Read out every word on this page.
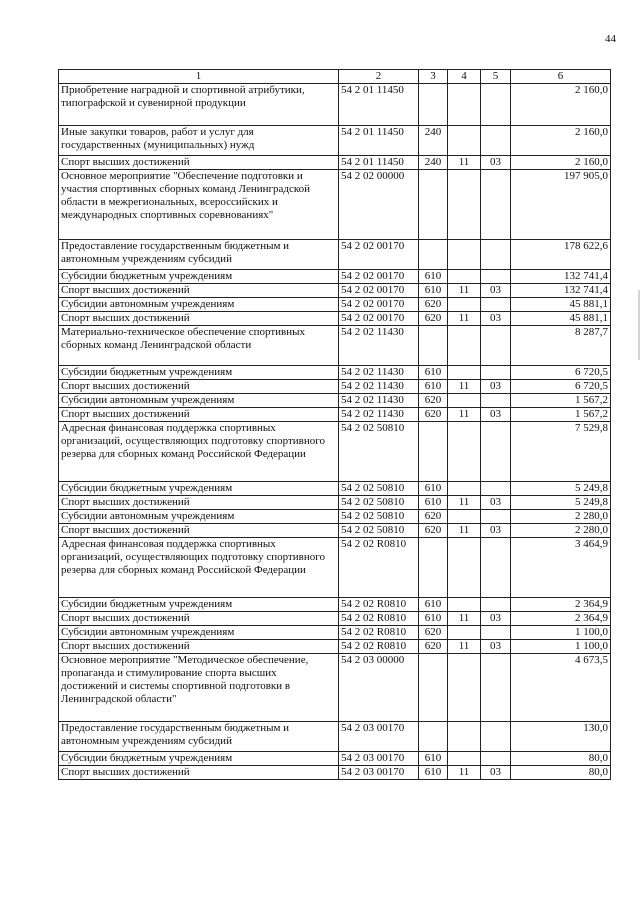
44
1	2	3	4	5	6
Приобретение наградной и спортивной атрибутики, типографской и сувенирной продукции	54 2 01 11450				2 160,0
Иные закупки товаров, работ и услуг для государственных (муниципальных) нужд	54 2 01 11450	240			2 160,0
Спорт высших достижений	54 2 01 11450	240	11	03	2 160,0
Основное мероприятие "Обеспечение подготовки и участия спортивных сборных команд Ленинградской области в межрегиональных, всероссийских и международных спортивных соревнованиях"	54 2 02 00000				197 905,0
Предоставление государственным бюджетным и автономным учреждениям субсидий	54 2 02 00170				178 622,6
Субсидии бюджетным учреждениям	54 2 02 00170	610			132 741,4
Спорт высших достижений	54 2 02 00170	610	11	03	132 741,4
Субсидии автономным учреждениям	54 2 02 00170	620			45 881,1
Спорт высших достижений	54 2 02 00170	620	11	03	45 881,1
Материально-техническое обеспечение спортивных сборных команд Ленинградской области	54 2 02 11430				8 287,7
Субсидии бюджетным учреждениям	54 2 02 11430	610			6 720,5
Спорт высших достижений	54 2 02 11430	610	11	03	6 720,5
Субсидии автономным учреждениям	54 2 02 11430	620			1 567,2
Спорт высших достижений	54 2 02 11430	620	11	03	1 567,2
Адресная финансовая поддержка спортивных организаций, осуществляющих подготовку спортивного резерва для сборных команд Российской Федерации	54 2 02 50810				7 529,8
Субсидии бюджетным учреждениям	54 2 02 50810	610			5 249,8
Спорт высших достижений	54 2 02 50810	610	11	03	5 249,8
Субсидии автономным учреждениям	54 2 02 50810	620			2 280,0
Спорт высших достижений	54 2 02 50810	620	11	03	2 280,0
Адресная финансовая поддержка спортивных организаций, осуществляющих подготовку спортивного резерва для сборных команд Российской Федерации	54 2 02 R0810				3 464,9
Субсидии бюджетным учреждениям	54 2 02 R0810	610			2 364,9
Спорт высших достижений	54 2 02 R0810	610	11	03	2 364,9
Субсидии автономным учреждениям	54 2 02 R0810	620			1 100,0
Спорт высших достижений	54 2 02 R0810	620	11	03	1 100,0
Основное мероприятие "Методическое обеспечение, пропаганда и стимулирование спорта высших достижений и системы спортивной подготовки в Ленинградской области"	54 2 03 00000				4 673,5
Предоставление государственным бюджетным и автономным учреждениям субсидий	54 2 03 00170				130,0
Субсидии бюджетным учреждениям	54 2 03 00170	610			80,0
Спорт высших достижений	54 2 03 00170	610	11	03	80,0
